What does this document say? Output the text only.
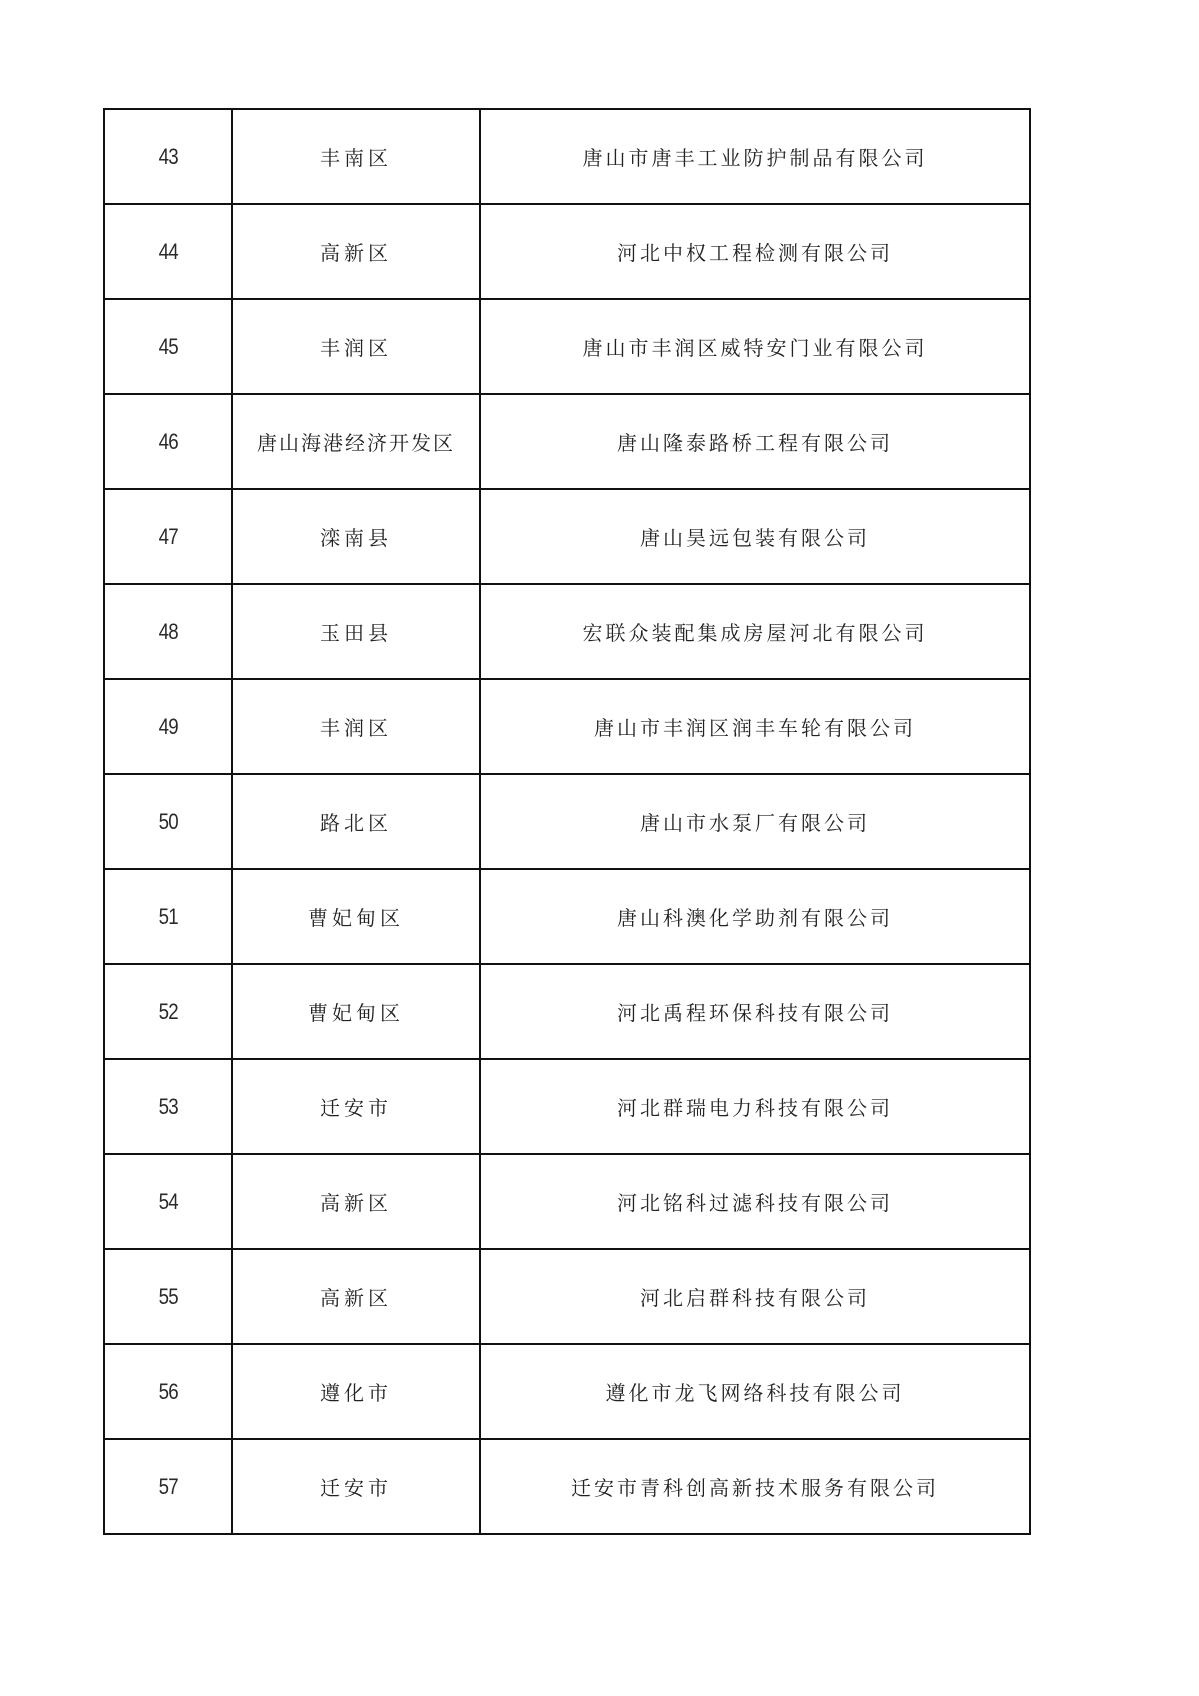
43	丰南区	唐山市唐丰工业防护制品有限公司
44	高新区	河北中权工程检测有限公司
45	丰润区	唐山市丰润区威特安门业有限公司
46	唐山海港经济开发区	唐山隆泰路桥工程有限公司
47	滦南县	唐山昊远包装有限公司
48	玉田县	宏联众装配集成房屋河北有限公司
49	丰润区	唐山市丰润区润丰车轮有限公司
50	路北区	唐山市水泵厂有限公司
51	曹妃甸区	唐山科澳化学助剂有限公司
52	曹妃甸区	河北禹程环保科技有限公司
53	迁安市	河北群瑞电力科技有限公司
54	高新区	河北铭科过滤科技有限公司
55	高新区	河北启群科技有限公司
56	遵化市	遵化市龙飞网络科技有限公司
57	迁安市	迁安市青科创高新技术服务有限公司
